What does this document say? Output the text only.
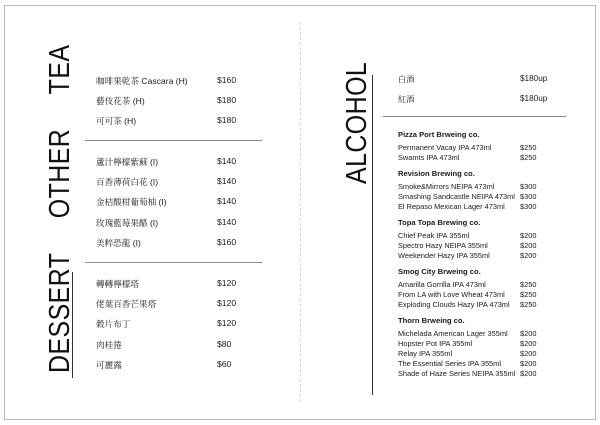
DESSERT OTHER TEA 咖啡果乾茶 Cascara (H)	$160
藝伎花茶 (H)	$180
可可茶 (H)	$180
蘆汁檸檬紫蘇 (I)	$140
百香薄荷白花 (I)	$140
金桔酸柑葡萄柚 (I)	$140
玫瑰藍莓果醋 (I)	$140
美粹恐龍 (I)	$160
轉轉檸檬塔	$120
佬葉百香芒果塔	$120
穀片布丁	$120
肉桂捲	$80
可麗露	$60
ALCOHOL	白酒	$180up
紅酒	$180up
Pizza Port Brweing co.
Permanent Vacay IPA 473ml	$250
Swamts IPA 473ml	$250
Revision Brewing co.
Smoke&Mirrors NEIPA 473ml	$300
Smashing Sandcastle NEIPA 473ml $300
El Repaso Mexican Lager 473ml $300
Topa Topa Brewing co.
Chief Peak IPA 355ml	$200
Spectro Hazy NEIPA 355ml	$200
Weekender Hazy IPA 355ml	$200
Smog City Brweing co.
Amarilla Gorrilla IPA 473ml	$250
From LA with Love Wheat 473ml $250
Exploding Clouds Hazy IPA 473ml $250
Thorn Brweing co.
Michelada American Lager 355ml $200
Hopster Pot IPA 355ml	$200
Relay IPA 355ml	$200
The Essential Series IPA 355ml	$200
Shade of Haze Series NEIPA 355ml $200
